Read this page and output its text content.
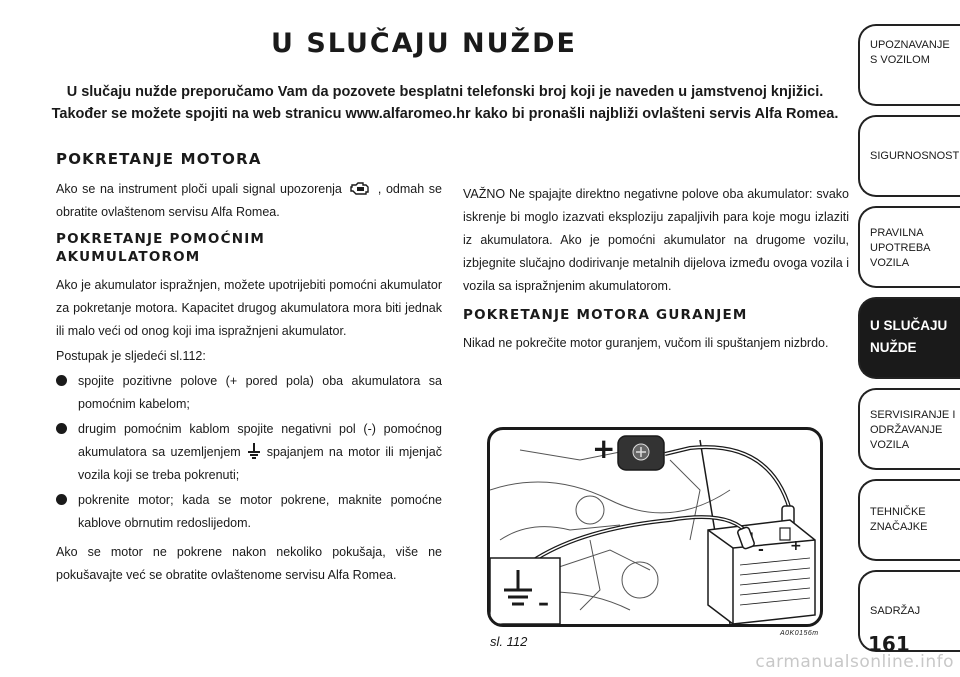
U SLUČAJU NUŽDE
U slučaju nužde preporučamo Vam da pozovete besplatni telefonski broj koji je naveden u jamstvenoj knjižici.
Također se možete spojiti na web stranicu www.alfaromeo.hr kako bi pronašli najbliži ovlašteni servis Alfa Romea.
POKRETANJE MOTORA
Ako se na instrument ploči upali signal upozorenja	, odmah se obratite ovlaštenom servisu Alfa Romea.
POKRETANJE POMOĆNIM
AKUMULATOROM
Ako je akumulator ispražnjen, možete upotrijebiti pomoćni akumulator za pokretanje motora. Kapacitet drugog akumulatora mora biti jednak ili malo veći od onog koji ima ispražnjeni akumulator.
Postupak je sljedeći sl.112:
spojite pozitivne polove (+ pored pola) oba akumulatora sa pomoćnim kabelom;
drugim pomoćnim kablom spojite negativni pol (-) pomoćnog akumulatora sa uzemljenjem spajanjem na motor ili mjenjač vozila koji se treba pokrenuti;
pokrenite motor; kada se motor pokrene, maknite pomoćne kablove obrnutim redoslijedom.
Ako se motor ne pokrene nakon nekoliko pokušaja, više ne pokušavajte već se obratite ovlaštenome servisu Alfa Romea.
VAŽNO Ne spajajte direktno negativne polove oba akumulator: svako iskrenje bi moglo izazvati eksploziju zapaljivih para koje mogu izlaziti iz akumulatora. Ako je pomoćni akumulator na drugome vozilu, izbjegnite slučajno dodirivanje metalnih dijelova između ovoga vozila i vozila sa ispražnjenim akumulatorom.
POKRETANJE MOTORA GURANJEM
Nikad ne pokrečite motor guranjem, vučom ili spuštanjem nizbrdo.
+
- +
–
sl. 112
A0K0156m
UPOZNAVANJE
S VOZILOM
SIGURNOSNOST
PRAVILNA
UPOTREBA
VOZILA
U SLUČAJU
NUŽDE
SERVISIRANJE I
ODRŽAVANJE
VOZILA
TEHNIČKE
ZNAČAJKE
SADRŽAJ
161
carmanualsonline.info
